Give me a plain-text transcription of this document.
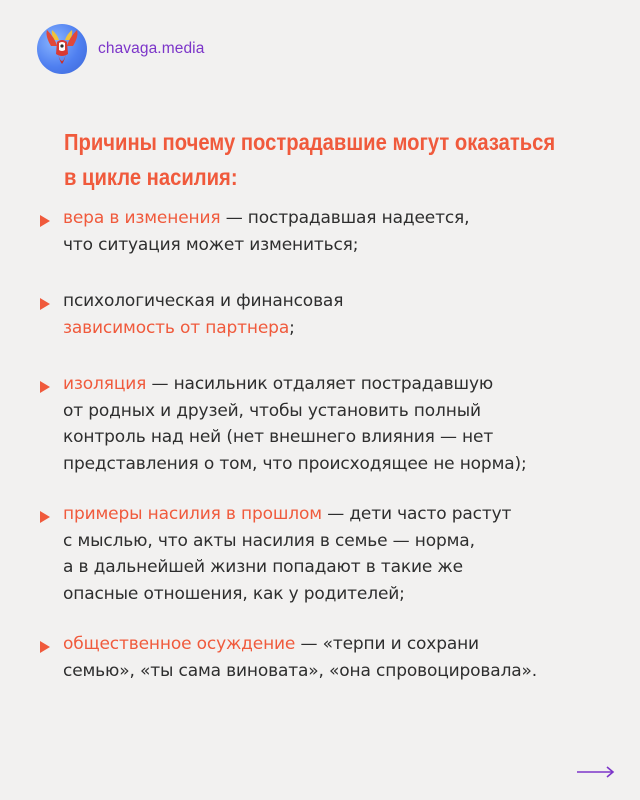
chavaga.media
Причины почему пострадавшие могут оказаться
в цикле насилия:
вера в изменения — пострадавшая надеется,
что ситуация может измениться;
психологическая и финансовая
зависимость от партнера;
изоляция — насильник отдаляет пострадавшую
от родных и друзей, чтобы установить полный
контроль над ней (нет внешнего влияния — нет
представления о том, что происходящее не норма);
примеры насилия в прошлом — дети часто растут
с мыслью, что акты насилия в семье — норма,
а в дальнейшей жизни попадают в такие же
опасные отношения, как у родителей;
общественное осуждение — «терпи и сохрани
семью», «ты сама виновата», «она спровоцировала».
